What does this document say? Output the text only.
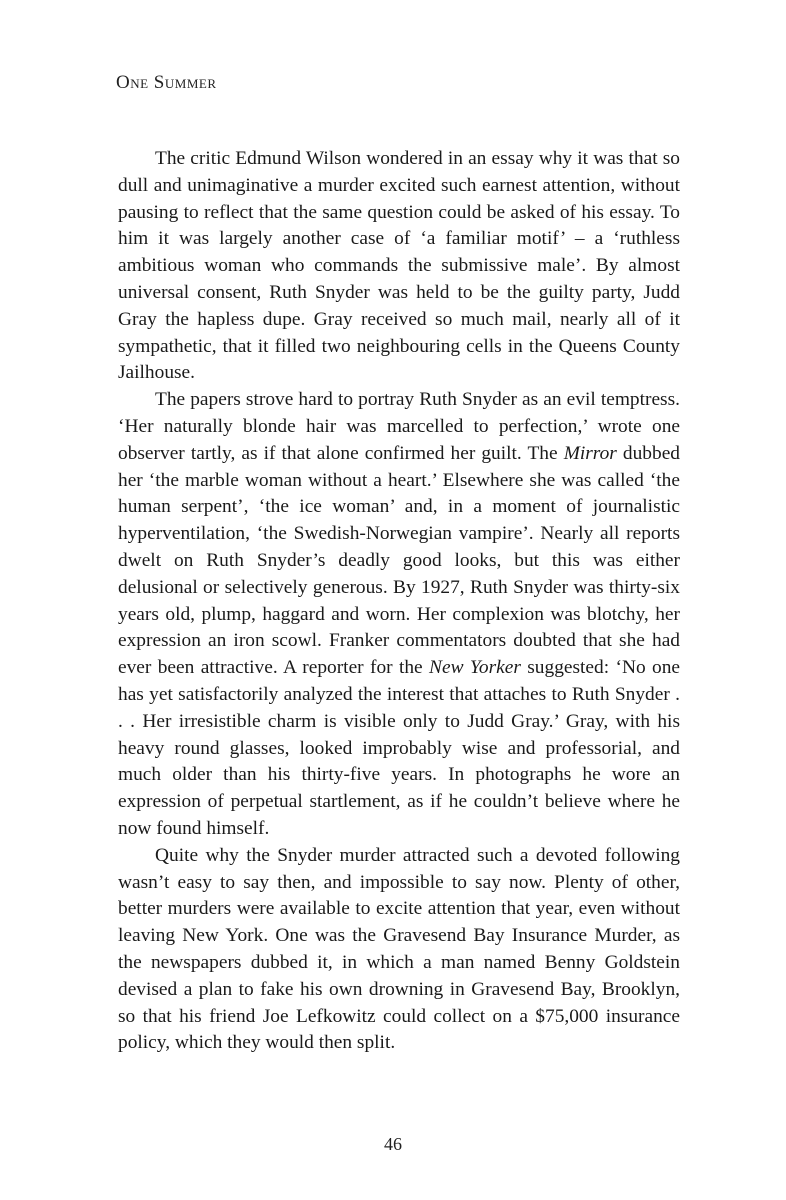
One Summer

The critic Edmund Wilson wondered in an essay why it was that so dull and unimaginative a murder excited such earnest attention, without pausing to reflect that the same question could be asked of his essay. To him it was largely another case of ‘a familiar motif’ – a ‘ruthless ambitious woman who commands the submissive male’. By almost universal consent, Ruth Snyder was held to be the guilty party, Judd Gray the hapless dupe. Gray received so much mail, nearly all of it sympathetic, that it filled two neighbouring cells in the Queens County Jailhouse.

The papers strove hard to portray Ruth Snyder as an evil temptress. ‘Her naturally blonde hair was marcelled to perfection,’ wrote one observer tartly, as if that alone confirmed her guilt. The Mirror dubbed her ‘the marble woman without a heart.’ Elsewhere she was called ‘the human serpent’, ‘the ice woman’ and, in a moment of journalistic hyperventilation, ‘the Swedish-Norwegian vampire’. Nearly all reports dwelt on Ruth Snyder’s deadly good looks, but this was either delusional or selectively generous. By 1927, Ruth Snyder was thirty-six years old, plump, haggard and worn. Her complexion was blotchy, her expression an iron scowl. Franker commentators doubted that she had ever been attractive. A reporter for the New Yorker suggested: ‘No one has yet satisfactorily analyzed the interest that attaches to Ruth Snyder . . . Her irresistible charm is visible only to Judd Gray.’ Gray, with his heavy round glasses, looked improbably wise and professorial, and much older than his thirty-five years. In photographs he wore an expression of perpetual startlement, as if he couldn’t believe where he now found himself.

Quite why the Snyder murder attracted such a devoted following wasn’t easy to say then, and impossible to say now. Plenty of other, better murders were available to excite attention that year, even without leaving New York. One was the Gravesend Bay Insurance Murder, as the newspapers dubbed it, in which a man named Benny Goldstein devised a plan to fake his own drowning in Gravesend Bay, Brooklyn, so that his friend Joe Lefkowitz could collect on a $75,000 insurance policy, which they would then split.

46
